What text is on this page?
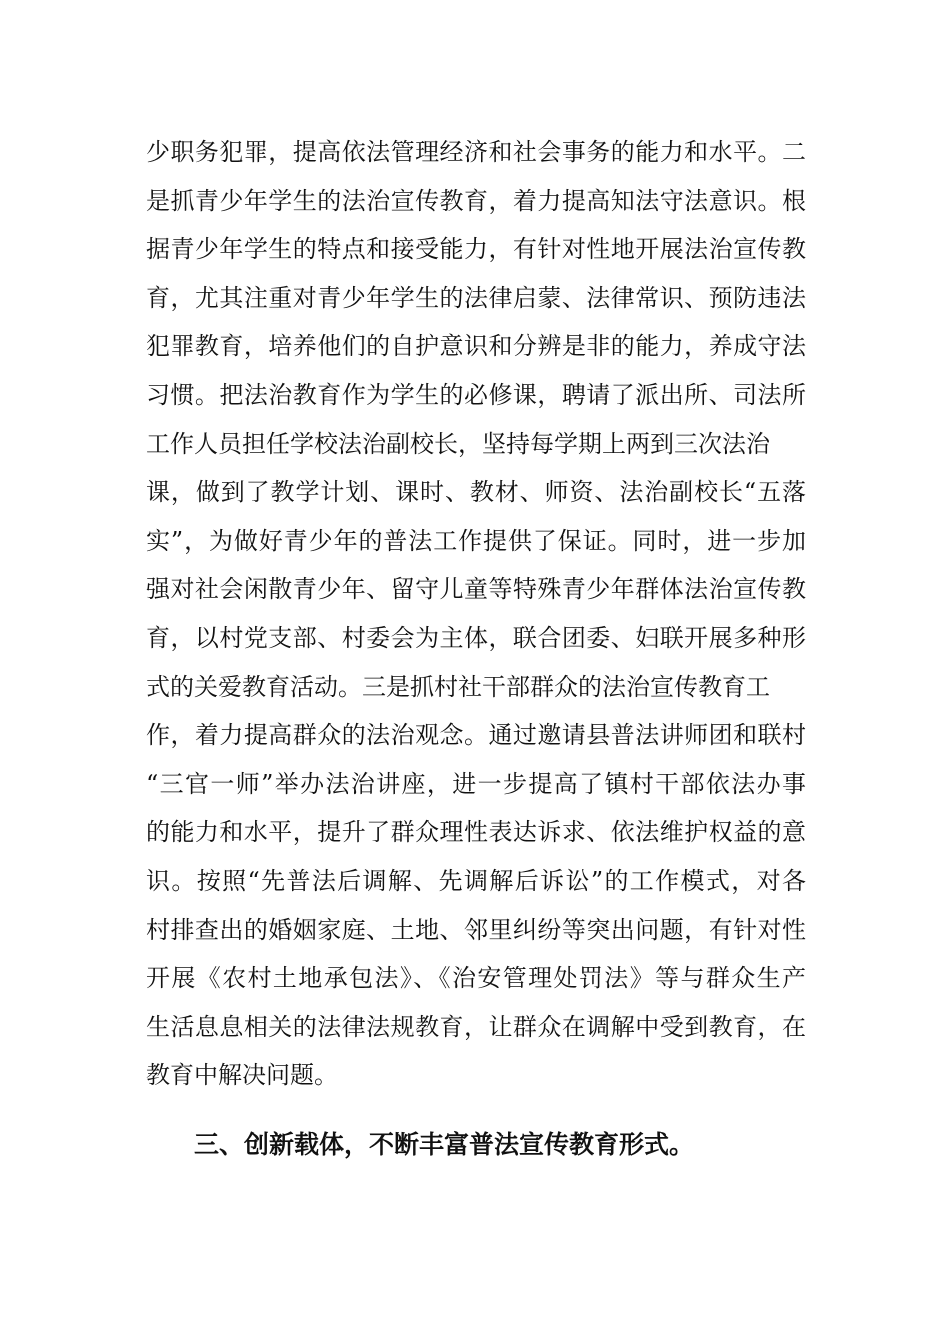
少职务犯罪，提高依法管理经济和社会事务的能力和水平。二

是抓青少年学生的法治宣传教育，着力提高知法守法意识。根

据青少年学生的特点和接受能力，有针对性地开展法治宣传教

育，尤其注重对青少年学生的法律启蒙、法律常识、预防违法

犯罪教育，培养他们的自护意识和分辨是非的能力，养成守法

习惯。把法治教育作为学生的必修课，聘请了派出所、司法所

工作人员担任学校法治副校长，坚持每学期上两到三次法治

课，做到了教学计划、课时、教材、师资、法治副校长“五落

实”，为做好青少年的普法工作提供了保证。同时，进一步加

强对社会闲散青少年、留守儿童等特殊青少年群体法治宣传教

育，以村党支部、村委会为主体，联合团委、妇联开展多种形

式的关爱教育活动。三是抓村社干部群众的法治宣传教育工

作，着力提高群众的法治观念。通过邀请县普法讲师团和联村

“三官一师”举办法治讲座，进一步提高了镇村干部依法办事

的能力和水平，提升了群众理性表达诉求、依法维护权益的意

识。按照“先普法后调解、先调解后诉讼”的工作模式，对各

村排查出的婚姻家庭、土地、邻里纠纷等突出问题，有针对性

开展《农村土地承包法》、《治安管理处罚法》等与群众生产

生活息息相关的法律法规教育，让群众在调解中受到教育，在

教育中解决问题。

三、创新载体，不断丰富普法宣传教育形式。
